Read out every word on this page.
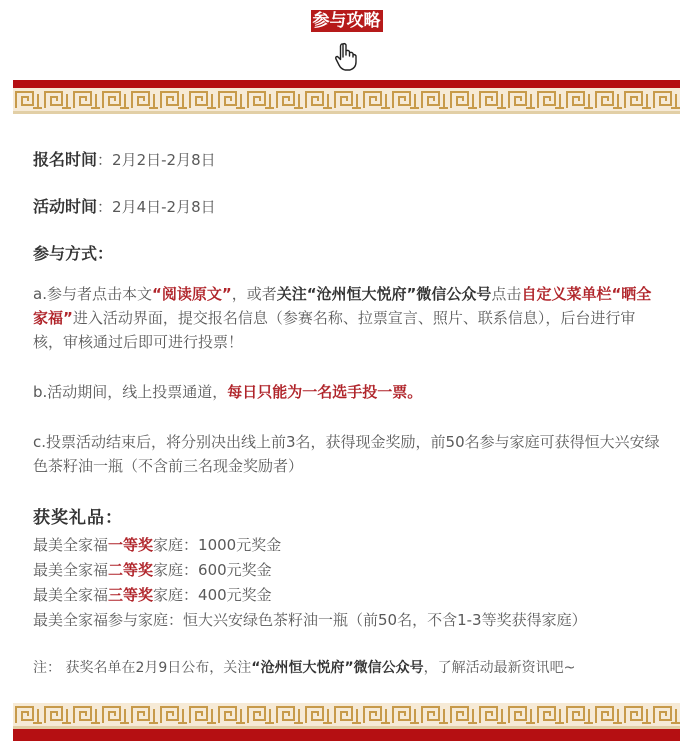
参与攻略
报名时间：2月2日-2月8日
活动时间：2月4日-2月8日
参与方式：
a.参与者点击本文“阅读原文”，或者关注“沧州恒大悦府”微信公众号点击自定义菜单栏“晒全家福”进入活动界面，提交报名信息（参赛名称、拉票宣言、照片、联系信息），后台进行审核，审核通过后即可进行投票！
b.活动期间，线上投票通道，每日只能为一名选手投一票。
c.投票活动结束后，将分别决出线上前3名，获得现金奖励，前50名参与家庭可获得恒大兴安绿色茶籽油一瓶（不含前三名现金奖励者）
获奖礼品：
最美全家福一等奖家庭：1000元奖金
最美全家福二等奖家庭：600元奖金
最美全家福三等奖家庭：400元奖金
最美全家福参与家庭：恒大兴安绿色茶籽油一瓶（前50名，不含1-3等奖获得家庭）
注： 获奖名单在2月9日公布，关注“沧州恒大悦府”微信公众号，了解活动最新资讯吧~
